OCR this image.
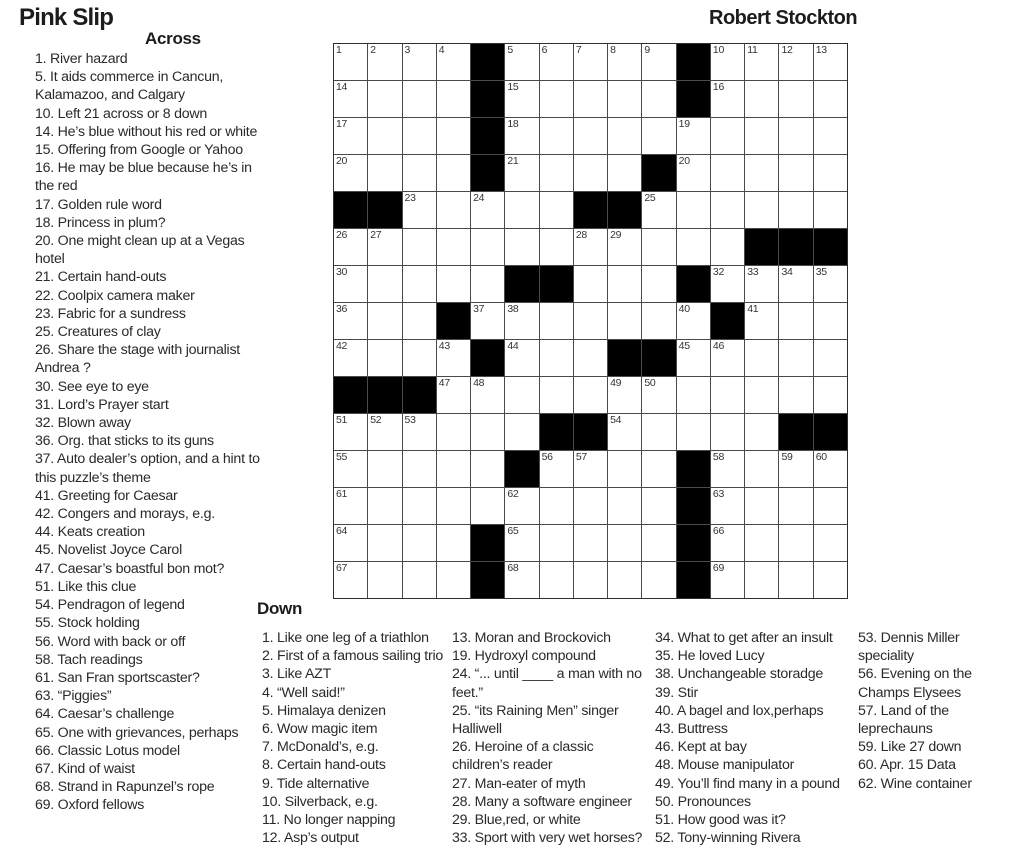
Pink Slip	Robert Stockton
Across
1. River hazard
5. It aids commerce in Cancun, Kalamazoo, and Calgary
10. Left 21 across or 8 down
14. He’s blue without his red or white
15. Offering from Google or Yahoo
16. He may be blue because he’s in the red
17. Golden rule word
18. Princess in plum?
20. One might clean up at a Vegas hotel
21. Certain hand-outs
22. Coolpix camera maker
23. Fabric for a sundress
25. Creatures of clay
26. Share the stage with journalist Andrea ?
30. See eye to eye
31. Lord’s Prayer start
32. Blown away
36. Org. that sticks to its guns
37. Auto dealer’s option, and a hint to this puzzle’s theme
41. Greeting for Caesar
42. Congers and morays, e.g.
44. Keats creation
45. Novelist Joyce Carol
47. Caesar’s boastful bon mot?
51. Like this clue
54. Pendragon of legend
55. Stock holding
56. Word with back or off
58. Tach readings
61. San Fran sportscaster?
63. “Piggies”
64. Caesar’s challenge
65. One with grievances, perhaps
66. Classic Lotus model
67. Kind of waist
68. Strand in Rapunzel’s rope
69. Oxford fellows
1	2	3	4	5	6	7	8	9	10 11 12 13
14	15	16
17	18	19
20	21	20
23	24	25
26 27	28 29
30	32 33 34 35
36	37 38	40	41
42	43	44	45 46
47 48	49 50
51 52 53	54
55	56 57	58	59 60
61	62	63
64	65	66
67	68	69
Down
1. Like one leg of a triathlon
2. First of a famous sailing trio
3. Like AZT
4. “Well said!”
5. Himalaya denizen
6. Wow magic item
7. McDonald’s, e.g.
8. Certain hand-outs
9. Tide alternative
10. Silverback, e.g.
11. No longer napping
12. Asp’s output
13. Moran and Brockovich
19. Hydroxyl compound
24. “... until ____ a man with no feet.”
25. “its Raining Men” singer Halliwell
26. Heroine of a classic children’s reader
27. Man-eater of myth
28. Many a software engineer
29. Blue,red, or white
33. Sport with very wet horses?
34. What to get after an insult
35. He loved Lucy
38. Unchangeable storadge
39. Stir
40. A bagel and lox,perhaps
43. Buttress
46. Kept at bay
48. Mouse manipulator
49. You’ll find many in a pound
50. Pronounces
51. How good was it?
52. Tony-winning Rivera
53. Dennis Miller speciality
56. Evening on the Champs Elysees
57. Land of the leprechauns
59. Like 27 down
60. Apr. 15 Data
62. Wine container
